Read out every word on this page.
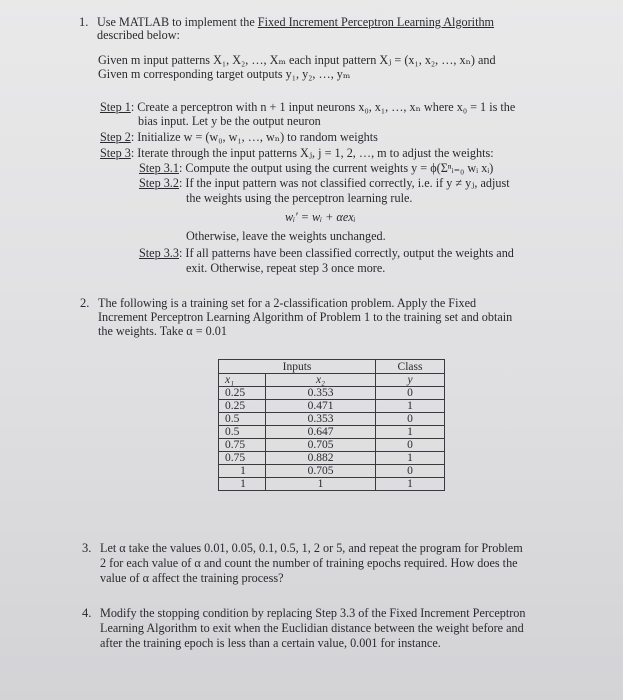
1. Use MATLAB to implement the Fixed Increment Perceptron Learning Algorithm
described below:
Given m input patterns X₁, X₂, …, Xₘ each input pattern Xⱼ = (x₁, x₂, …, xₙ) and
Given m corresponding target outputs y₁, y₂, …, yₘ
Step 1: Create a perceptron with n + 1 input neurons x₀, x₁, …, xₙ where x₀ = 1 is the
bias input. Let y be the output neuron
Step 2: Initialize w = (w₀, w₁, …, wₙ) to random weights
Step 3: Iterate through the input patterns Xⱼ, j = 1, 2, …, m to adjust the weights:
Step 3.1: Compute the output using the current weights y = ϕ(Σⁿᵢ₌₀ wᵢ xᵢ)
Step 3.2: If the input pattern was not classified correctly, i.e. if y ≠ yⱼ, adjust
the weights using the perceptron learning rule.
wᵢ′ = wᵢ + αexᵢ
Otherwise, leave the weights unchanged.
Step 3.3: If all patterns have been classified correctly, output the weights and
exit. Otherwise, repeat step 3 once more.
2. The following is a training set for a 2-classification problem. Apply the Fixed
Increment Perceptron Learning Algorithm of Problem 1 to the training set and obtain
the weights. Take α = 0.01
Inputs		Class
x₁	x₂	y
0.25	0.353	0
0.25	0.471	1
0.5	0.353	0
0.5	0.647	1
0.75	0.705	0
0.75	0.882	1
1	0.705	0
1	1	1
3. Let α take the values 0.01, 0.05, 0.1, 0.5, 1, 2 or 5, and repeat the program for Problem
2 for each value of α and count the number of training epochs required. How does the
value of α affect the training process?
4. Modify the stopping condition by replacing Step 3.3 of the Fixed Increment Perceptron
Learning Algorithm to exit when the Euclidian distance between the weight before and
after the training epoch is less than a certain value, 0.001 for instance.
